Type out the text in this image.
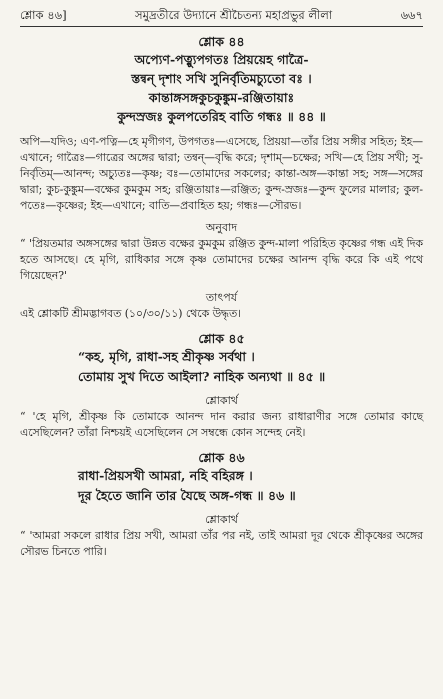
শ্লোক ৪৬]	সমুদ্রতীরে উদ্যানে শ্রীচৈতন্য মহাপ্রভুর লীলা	৬৬৭
শ্লোক ৪৪
অপ্যেণ-পত্ন্যুপগতঃ প্রিয়য়েহ গাত্রৈ-
স্তন্বন্ দৃশাং সখি সুনির্বৃতিমচ্যুতো বঃ ।
কান্তাঙ্গসঙ্গকুচকুঙ্কুম-রঞ্জিতায়াঃ
কুন্দস্রজঃ কুলপতেরিহ বাতি গন্ধঃ ॥ ৪৪ ॥
অপি—যদিও; এণ-পত্নি—হে মৃগীগণ, উপগতঃ—এসেছে, প্রিয়য়া—তাঁর প্রিয় সঙ্গীর সহিত; ইহ—এখানে; গাত্রৈঃ—গাত্রের অঙ্গের দ্বারা; তন্বন্—বৃদ্ধি করে; দৃশাম্—চক্ষের; সখি—হে প্রিয় সখী; সু-নির্বৃতিম্—আনন্দ; অচ্যুতঃ—কৃষ্ণ; বঃ—তোমাদের সকলের; কান্তা-অঙ্গ—কান্তা সহ; সঙ্গ—সঙ্গের দ্বারা; কুচ-কুঙ্কুম—বক্ষের কুমকুম সহ; রঞ্জিতায়াঃ—রঞ্জিত; কুন্দ-স্রজঃ—কুন্দ ফুলের মালার; কুল-পতেঃ—কৃষ্ণের; ইহ—এখানে; বাতি—প্রবাহিত হয়; গন্ধঃ—সৌরভ।
অনুবাদ
“ 'প্রিয়তমার অঙ্গসঙ্গের দ্বারা উন্নত বক্ষের কুমকুম রঞ্জিত কুন্দ-মালা পরিহিত কৃষ্ণের গন্ধ এই দিক হতে আসছে। হে মৃগি, রাধিকার সঙ্গে কৃষ্ণ তোমাদের চক্ষের আনন্দ বৃদ্ধি করে কি এই পথে গিয়েছেন?'
তাৎপর্য
এই শ্লোকটি শ্রীমদ্ভাগবত (১০/৩০/১১) থেকে উদ্ধৃত।
শ্লোক ৪৫
“কহ, মৃগি, রাধা-সহ শ্রীকৃষ্ণ সর্বথা ।
তোমায় সুখ দিতে আইলা? নাহিক অন্যথা ॥ ৪৫ ॥
শ্লোকার্থ
“ 'হে মৃগি, শ্রীকৃষ্ণ কি তোমাকে আনন্দ দান করার জন্য রাধারাণীর সঙ্গে তোমার কাছে এসেছিলেন? তাঁরা নিশ্চয়ই এসেছিলেন সে সম্বন্ধে কোন সন্দেহ নেই।
শ্লোক ৪৬
রাধা-প্রিয়সখী আমরা, নহি বহিরঙ্গ ।
দূর হৈতে জানি তার যৈছে অঙ্গ-গন্ধ ॥ ৪৬ ॥
শ্লোকার্থ
“ 'আমরা সকলে রাধার প্রিয় সখী, আমরা তাঁর পর নই, তাই আমরা দূর থেকে শ্রীকৃষ্ণের অঙ্গের সৌরভ চিনতে পারি।
